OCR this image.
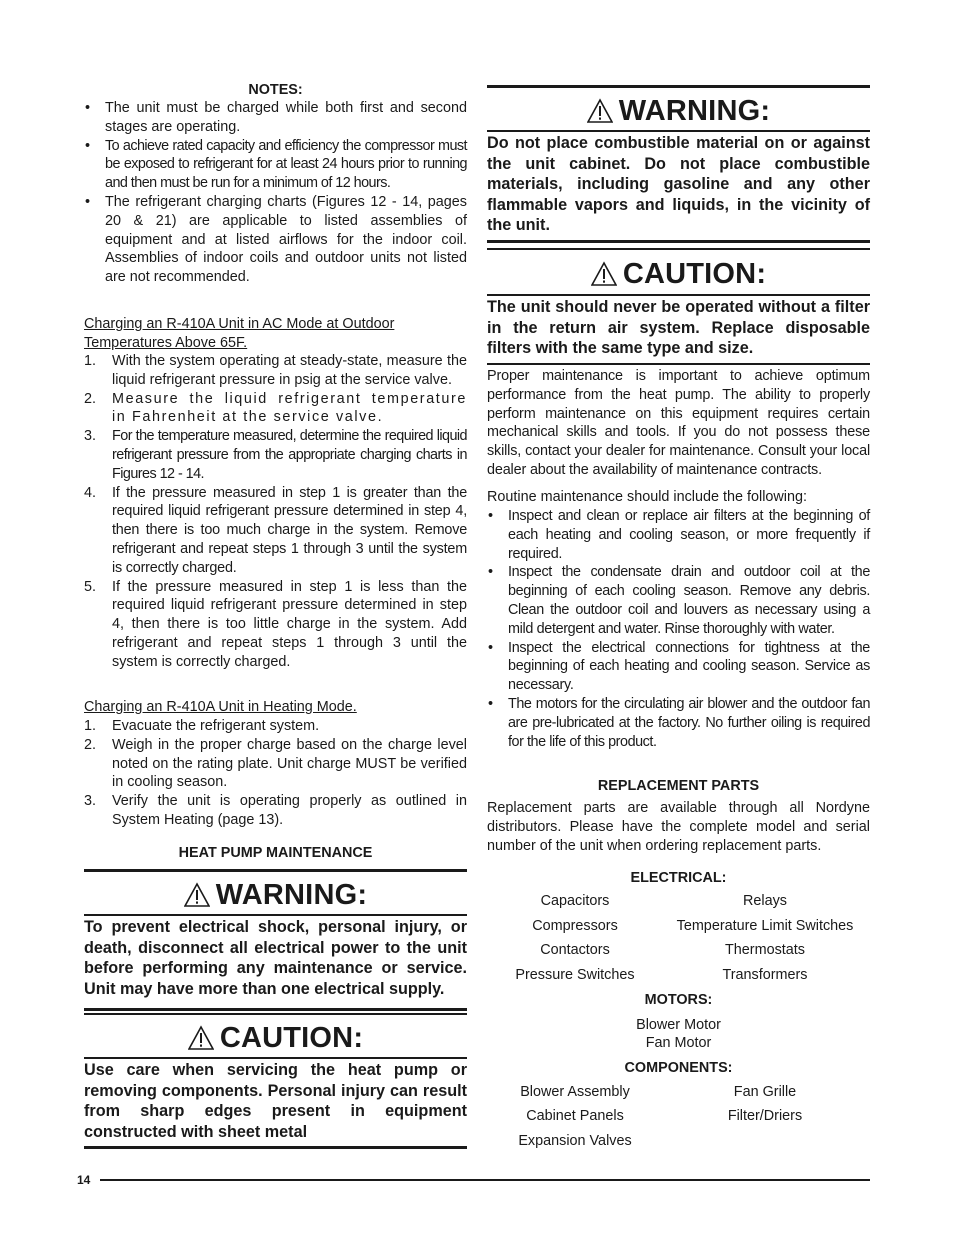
NOTES:
• The unit must be charged while both first and second stages are operating.
• To achieve rated capacity and efficiency the compressor must be exposed to refrigerant for at least 24 hours prior to running and then must be run for a minimum of 12 hours.
• The refrigerant charging charts (Figures 12 - 14, pages 20 & 21) are applicable to listed assemblies of equipment and at listed airflows for the indoor coil. Assemblies of indoor coils and outdoor units not listed are not recommended.
Charging an R-410A Unit in AC Mode at Outdoor
Temperatures Above 65F.
1. With the system operating at steady-state, measure the liquid refrigerant pressure in psig at the service valve.
2. Measure the liquid refrigerant temperature in Fahrenheit at the service valve.
3. For the temperature measured, determine the required liquid refrigerant pressure from the appropriate charging charts in Figures 12 - 14.
4. If the pressure measured in step 1 is greater than the required liquid refrigerant pressure determined in step 4, then there is too much charge in the system. Remove refrigerant and repeat steps 1 through 3 until the system is correctly charged.
5. If the pressure measured in step 1 is less than the required liquid refrigerant pressure determined in step 4, then there is too little charge in the system. Add refrigerant and repeat steps 1 through 3 until the system is correctly charged.
Charging an R-410A Unit in Heating Mode.
1. Evacuate the refrigerant system.
2. Weigh in the proper charge based on the charge level noted on the rating plate. Unit charge MUST be verified in cooling season.
3. Verify the unit is operating properly as outlined in System Heating (page 13).
HEAT PUMP MAINTENANCE
WARNING:

To prevent electrical shock, personal injury, or death, disconnect all electrical power to the unit before performing any maintenance or service. Unit may have more than one electrical supply.

CAUTION:

Use care when servicing the heat pump or removing components. Personal injury can result from sharp edges present in equipment constructed with sheet metal

WARNING:

Do not place combustible material on or against the unit cabinet. Do not place combustible materials, including gasoline and any other flammable vapors and liquids, in the vicinity of the unit.

CAUTION:

The unit should never be operated without a filter in the return air system. Replace disposable filters with the same type and size.

Proper maintenance is important to achieve optimum performance from the heat pump. The ability to properly perform maintenance on this equipment requires certain mechanical skills and tools. If you do not possess these skills, contact your dealer for maintenance. Consult your local dealer about the availability of maintenance contracts.

Routine maintenance should include the following:

• Inspect and clean or replace air filters at the beginning of each heating and cooling season, or more frequently if required.
• Inspect the condensate drain and outdoor coil at the beginning of each cooling season. Remove any debris. Clean the outdoor coil and louvers as necessary using a mild detergent and water. Rinse thoroughly with water.
• Inspect the electrical connections for tightness at the beginning of each heating and cooling season. Service as necessary.
• The motors for the circulating air blower and the outdoor fan are pre-lubricated at the factory. No further oiling is required for the life of this product.
REPLACEMENT PARTS

Replacement parts are available through all Nordyne distributors. Please have the complete model and serial number of the unit when ordering replacement parts.

ELECTRICAL:
Capacitors	Relays
Compressors	Temperature Limit Switches
Contactors	Thermostats
Pressure Switches	Transformers
MOTORS:
Blower Motor
Fan Motor
COMPONENTS:
Blower Assembly	Fan Grille
Cabinet Panels	Filter/Driers
Expansion Valves
14
